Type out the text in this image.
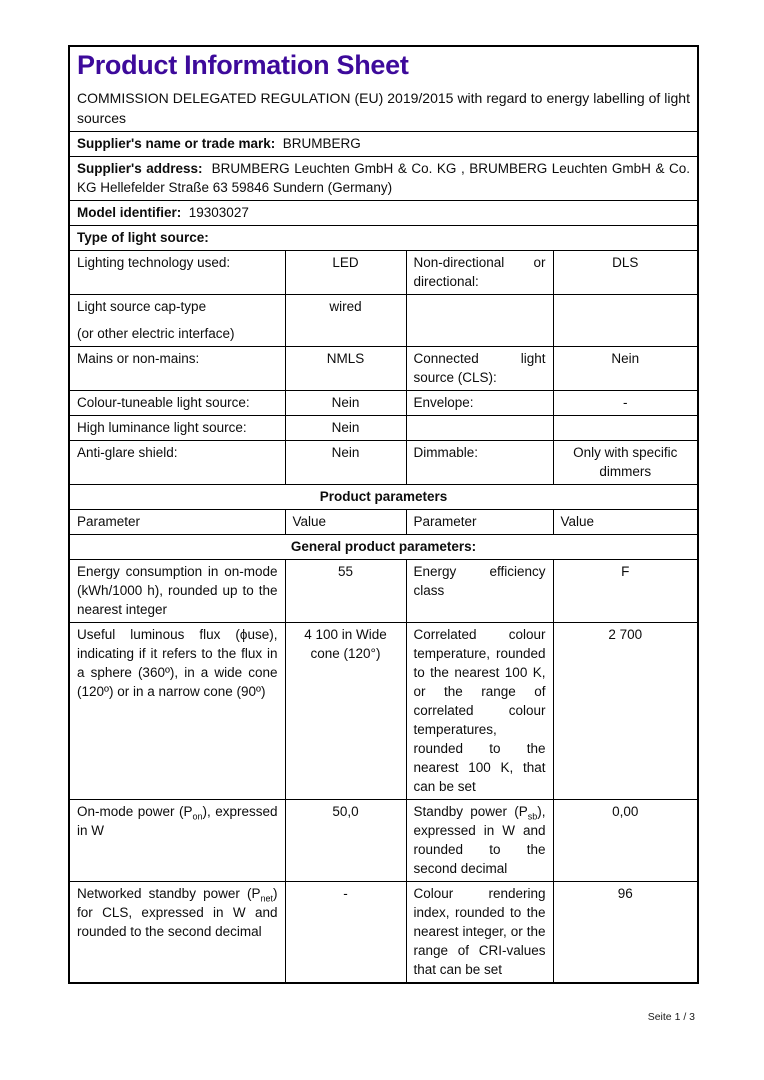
Product Information Sheet
COMMISSION DELEGATED REGULATION (EU) 2019/2015 with regard to energy labelling of light sources

Supplier's name or trade mark: BRUMBERG			
Supplier's address: BRUMBERG Leuchten GmbH & Co. KG , BRUMBERG Leuchten GmbH & Co. KG Hellefelder Straße 63 59846 Sundern (Germany)			
Model identifier: 19303027			
Type of light source:			
Lighting technology used:	LED	Non-directional or directional:	DLS

Light source cap-type
(or other electric interface)	wired		
Mains or non-mains:	NMLS	Connected light source (CLS):	Nein
Colour-tuneable light source:	Nein	Envelope:	-
High luminance light source:	Nein		
Anti-glare shield:	Nein	Dimmable:	Only with specific dimmers
Product parameters			
Parameter	Value	Parameter	Value
General product parameters:			
Energy consumption in on-mode (kWh/1000 h), rounded up to the nearest integer	55	Energy efficiency class	F
Useful luminous flux (ϕuse), indicating if it refers to the flux in a sphere (360º), in a wide cone (120º) or in a narrow cone (90º)	4 100 in Wide cone (120°)	Correlated colour temperature, rounded to the nearest 100 K, or the range of correlated colour temperatures, rounded to the nearest 100 K, that can be set	2 700
On-mode power $(P_{on})$, expressed in W	50,0	Standby power $(P_{sb})$, expressed in W and rounded to the second decimal	0,00
Networked standby power $(P_{net})$ for CLS, expressed in W and rounded to the second decimal	-	Colour rendering index, rounded to the nearest integer, or the range of CRI-values that can be set	96
Seite 1 / 3
